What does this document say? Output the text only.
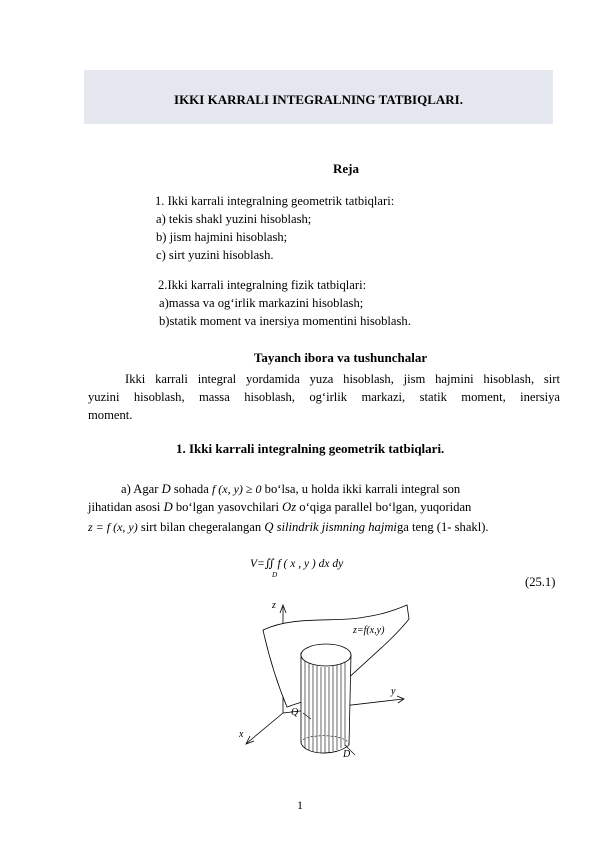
IKKI KARRALI INTEGRALNING TATBIQLARI.
Reja
1. Ikki karrali integralning geometrik tatbiqlari:
a) tekis shakl yuzini hisoblash;
b) jism hajmini hisoblash;
c) sirt yuzini hisoblash.
2.Ikki karrali integralning fizik tatbiqlari:
a)massa va og‘irlik markazini hisoblash;
b)statik moment va inersiya momentini hisoblash.
Tayanch ibora va tushunchalar
Ikki karrali integral yordamida yuza hisoblash, jism hajmini hisoblash, sirt
yuzini hisoblash, massa hisoblash, og‘irlik markazi, statik moment, inersiya
moment.
1. Ikki karrali integralning geometrik tatbiqlari.
a) Agar D sohada f (x, y) ≥ 0 bo‘lsa, u holda ikki karrali integral son
jihatidan asosi D bo‘lgan yasovchilari Oz o‘qiga parallel bo‘lgan, yuqoridan
z = f (x, y) sirt bilan chegeralangan Q silindrik jismning hajmiga teng (1- shakl).
V=∬ f ( x , y ) dx dy
D	(25.1)
z
z=f(x,y)
y
x
Q
D
1
